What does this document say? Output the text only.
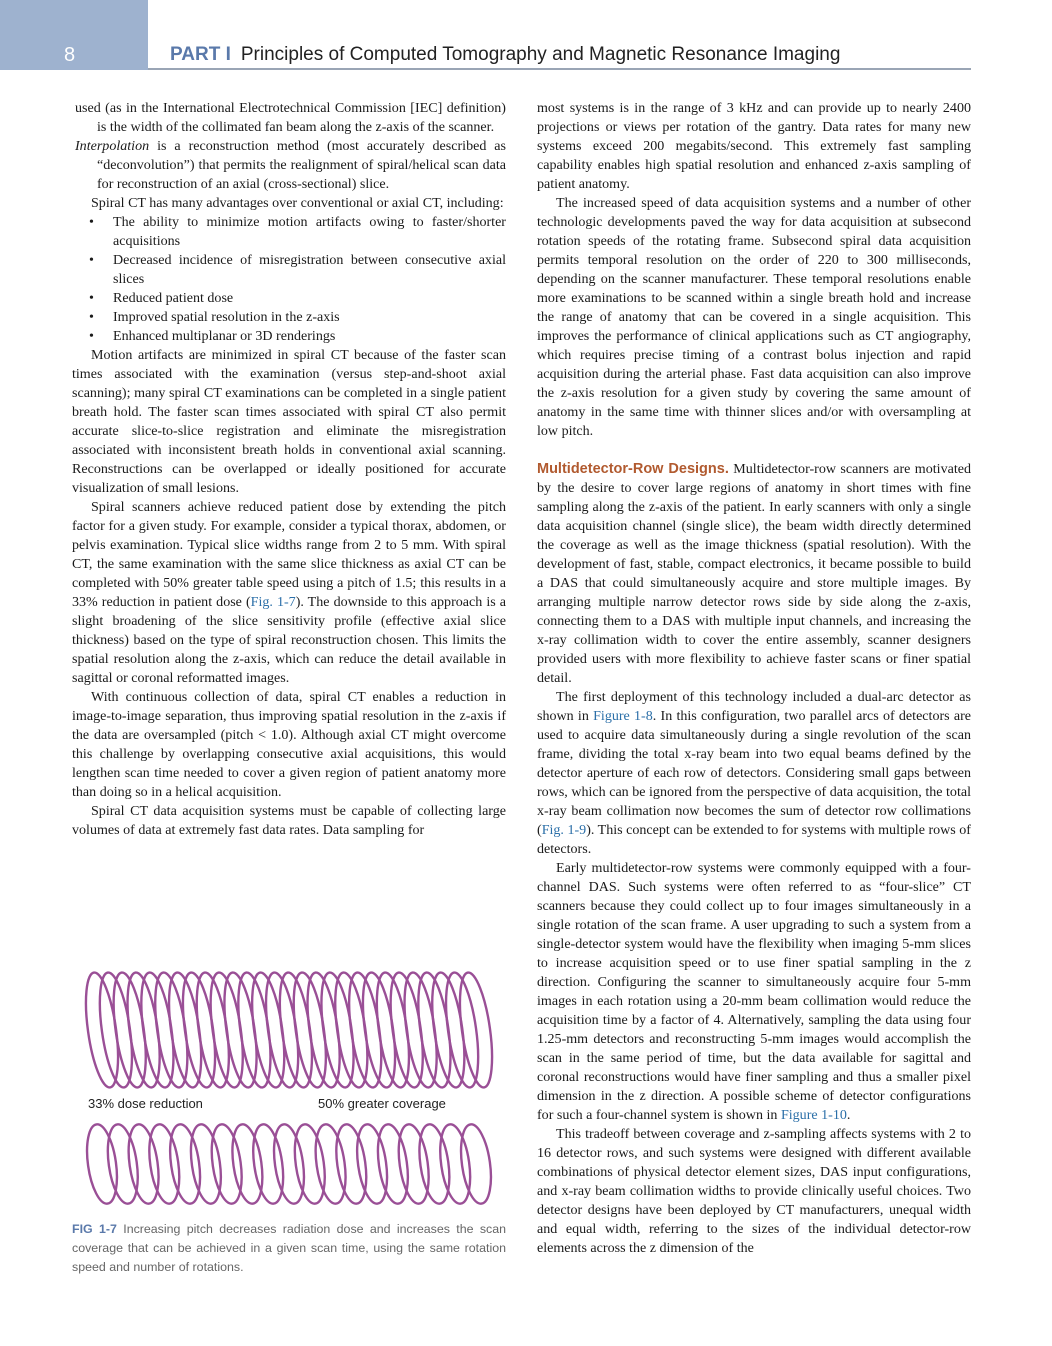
8	PART I Principles of Computed Tomography and Magnetic Resonance Imaging

used (as in the International Electrotechnical Commission [IEC] definition) is the width of the collimated fan beam along the z-axis of the scanner.

Interpolation is a reconstruction method (most accurately described as “deconvolution”) that permits the realignment of spiral/helical scan data for reconstruction of an axial (cross-sectional) slice.

Spiral CT has many advantages over conventional or axial CT, including:

• The ability to minimize motion artifacts owing to faster/shorter acquisitions
• Decreased incidence of misregistration between consecutive axial slices
• Reduced patient dose
• Improved spatial resolution in the z-axis
• Enhanced multiplanar or 3D renderings

Motion artifacts are minimized in spiral CT because of the faster scan times associated with the examination (versus step-and-shoot axial scanning); many spiral CT examinations can be completed in a single patient breath hold. The faster scan times associated with spiral CT also permit accurate slice-to-slice registration and eliminate the misregistration associated with inconsistent breath holds in conventional axial scanning. Reconstructions can be overlapped or ideally positioned for accurate visualization of small lesions.

Spiral scanners achieve reduced patient dose by extending the pitch factor for a given study. For example, consider a typical thorax, abdomen, or pelvis examination. Typical slice widths range from 2 to 5 mm. With spiral CT, the same examination with the same slice thickness as axial CT can be completed with 50% greater table speed using a pitch of 1.5; this results in a 33% reduction in patient dose (Fig. 1-7). The downside to this approach is a slight broadening of the slice sensitivity profile (effective axial slice thickness) based on the type of spiral reconstruction chosen. This limits the spatial resolution along the z-axis, which can reduce the detail available in sagittal or coronal reformatted images.

With continuous collection of data, spiral CT enables a reduction in image-to-image separation, thus improving spatial resolution in the z-axis if the data are oversampled (pitch < 1.0). Although axial CT might overcome this challenge by overlapping consecutive axial acquisitions, this would lengthen scan time needed to cover a given region of patient anatomy more than doing so in a helical acquisition.

Spiral CT data acquisition systems must be capable of collecting large volumes of data at extremely fast data rates. Data sampling for

33% dose reduction	50% greater coverage
FIG 1-7 Increasing pitch decreases radiation dose and increases the scan coverage that can be achieved in a given scan time, using the same rotation speed and number of rotations.

most systems is in the range of 3 kHz and can provide up to nearly 2400 projections or views per rotation of the gantry. Data rates for many new systems exceed 200 megabits/second. This extremely fast sampling capability enables high spatial resolution and enhanced z-axis sampling of patient anatomy.

The increased speed of data acquisition systems and a number of other technologic developments paved the way for data acquisition at subsecond rotation speeds of the rotating frame. Subsecond spiral data acquisition permits temporal resolution on the order of 220 to 300 milliseconds, depending on the scanner manufacturer. These temporal resolutions enable more examinations to be scanned within a single breath hold and increase the range of anatomy that can be covered in a single acquisition. This improves the performance of clinical applications such as CT angiography, which requires precise timing of a contrast bolus injection and rapid acquisition during the arterial phase. Fast data acquisition can also improve the z-axis resolution for a given study by covering the same amount of anatomy in the same time with thinner slices and/or with oversampling at low pitch.

Multidetector-Row Designs. Multidetector-row scanners are motivated by the desire to cover large regions of anatomy in short times with fine sampling along the z-axis of the patient. In early scanners with only a single data acquisition channel (single slice), the beam width directly determined the coverage as well as the image thickness (spatial resolution). With the development of fast, stable, compact electronics, it became possible to build a DAS that could simultaneously acquire and store multiple images. By arranging multiple narrow detector rows side by side along the z-axis, connecting them to a DAS with multiple input channels, and increasing the x-ray collimation width to cover the entire assembly, scanner designers provided users with more flexibility to achieve faster scans or finer spatial detail.

The first deployment of this technology included a dual-arc detector as shown in Figure 1-8. In this configuration, two parallel arcs of detectors are used to acquire data simultaneously during a single revolution of the scan frame, dividing the total x-ray beam into two equal beams defined by the detector aperture of each row of detectors. Considering small gaps between rows, which can be ignored from the perspective of data acquisition, the total x-ray beam collimation now becomes the sum of detector row collimations (Fig. 1-9). This concept can be extended to for systems with multiple rows of detectors.

Early multidetector-row systems were commonly equipped with a four-channel DAS. Such systems were often referred to as “four-slice” CT scanners because they could collect up to four images simultaneously in a single rotation of the scan frame. A user upgrading to such a system from a single-detector system would have the flexibility when imaging 5-mm slices to increase acquisition speed or to use finer spatial sampling in the z direction. Configuring the scanner to simultaneously acquire four 5-mm images in each rotation using a 20-mm beam collimation would reduce the acquisition time by a factor of 4. Alternatively, sampling the data using four 1.25-mm detectors and reconstructing 5-mm images would accomplish the scan in the same period of time, but the data available for sagittal and coronal reconstructions would have finer sampling and thus a smaller pixel dimension in the z direction. A possible scheme of detector configurations for such a four-channel system is shown in Figure 1-10.

This tradeoff between coverage and z-sampling affects systems with 2 to 16 detector rows, and such systems were designed with different available combinations of physical detector element sizes, DAS input configurations, and x-ray beam collimation widths to provide clinically useful choices. Two detector designs have been deployed by CT manufacturers, unequal width and equal width, referring to the sizes of the individual detector-row elements across the z dimension of the
